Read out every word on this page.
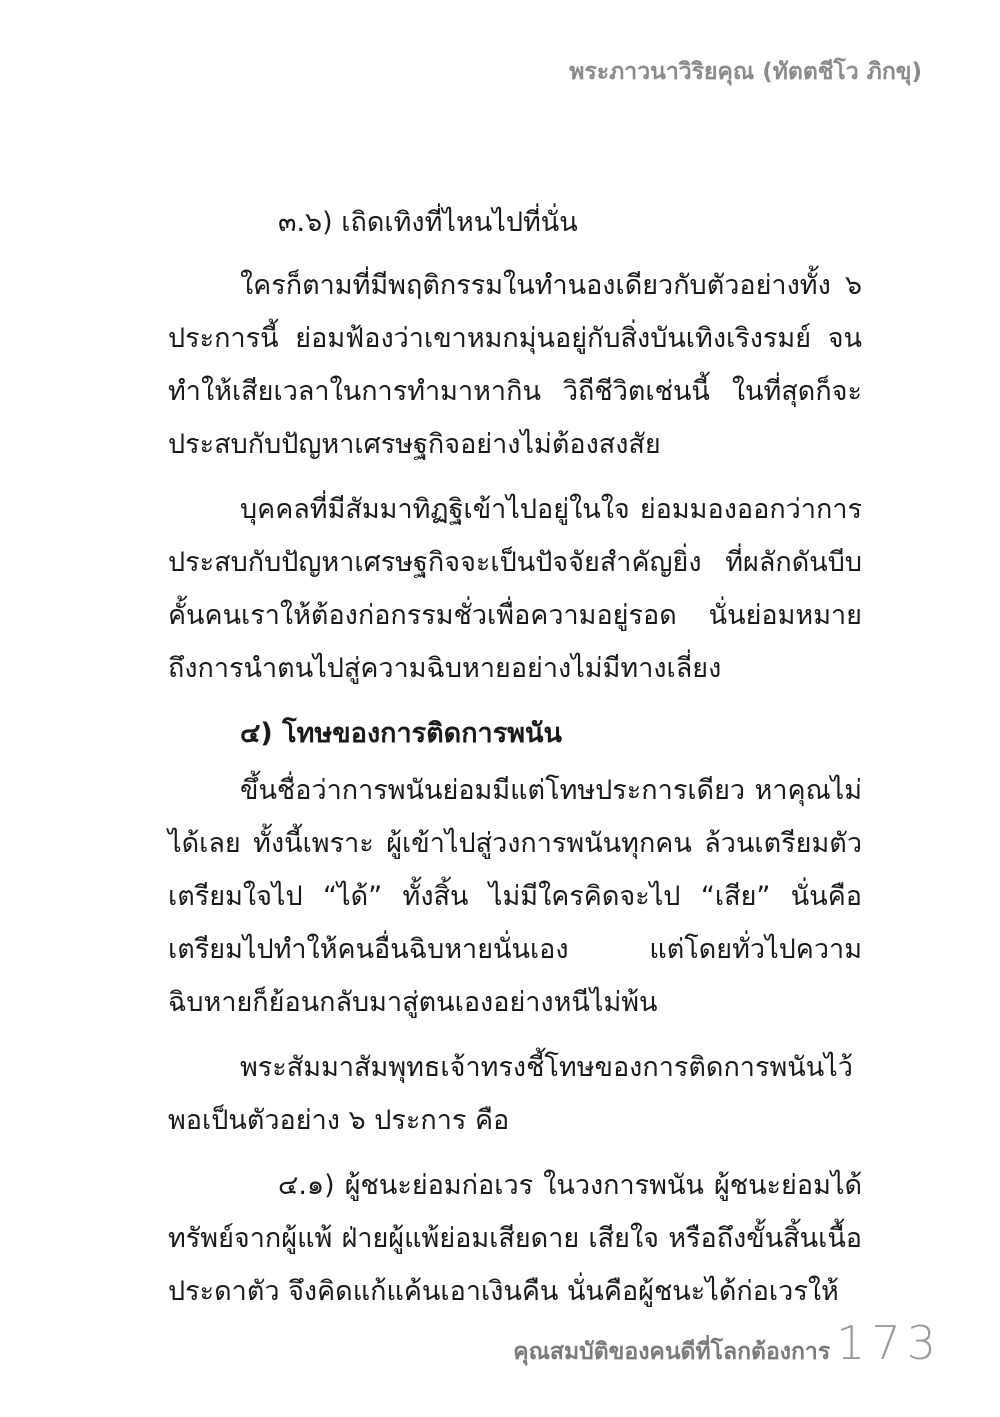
พระภาวนาวิริยคุณ (ทัตตชีโว ภิกขุ)

๓.๖) เถิดเทิงที่ไหนไปที่นั่น

ใครก็ตามที่มีพฤติกรรมในทำนองเดียวกับตัวอย่างทั้ง ๖ ประการนี้ ย่อมฟ้องว่าเขาหมกมุ่นอยู่กับสิ่งบันเทิงเริงรมย์ จนทำให้เสียเวลาในการทำมาหากิน วิถีชีวิตเช่นนี้ ในที่สุดก็จะประสบกับปัญหาเศรษฐกิจอย่างไม่ต้องสงสัย

บุคคลที่มีสัมมาทิฏฐิเข้าไปอยู่ในใจ ย่อมมองออกว่าการประสบกับปัญหาเศรษฐกิจจะเป็นปัจจัยสำคัญยิ่ง ที่ผลักดันบีบคั้นคนเราให้ต้องก่อกรรมชั่วเพื่อความอยู่รอด นั่นย่อมหมายถึงการนำตนไปสู่ความฉิบหายอย่างไม่มีทางเลี่ยง

๔) โทษของการติดการพนัน

ขึ้นชื่อว่าการพนันย่อมมีแต่โทษประการเดียว หาคุณไม่ได้เลย ทั้งนี้เพราะ ผู้เข้าไปสู่วงการพนันทุกคน ล้วนเตรียมตัวเตรียมใจไป “ได้” ทั้งสิ้น ไม่มีใครคิดจะไป “เสีย” นั่นคือเตรียมไปทำให้คนอื่นฉิบหายนั่นเอง แต่โดยทั่วไปความฉิบหายก็ย้อนกลับมาสู่ตนเองอย่างหนีไม่พ้น

พระสัมมาสัมพุทธเจ้าทรงชี้โทษของการติดการพนันไว้พอเป็นตัวอย่าง ๖ ประการ คือ

๔.๑) ผู้ชนะย่อมก่อเวร ในวงการพนัน ผู้ชนะย่อมได้ทรัพย์จากผู้แพ้ ฝ่ายผู้แพ้ย่อมเสียดาย เสียใจ หรือถึงขั้นสิ้นเนื้อประดาตัว จึงคิดแก้แค้นเอาเงินคืน นั่นคือผู้ชนะได้ก่อเวรให้

คุณสมบัติของคนดีที่โลกต้องการ 173
